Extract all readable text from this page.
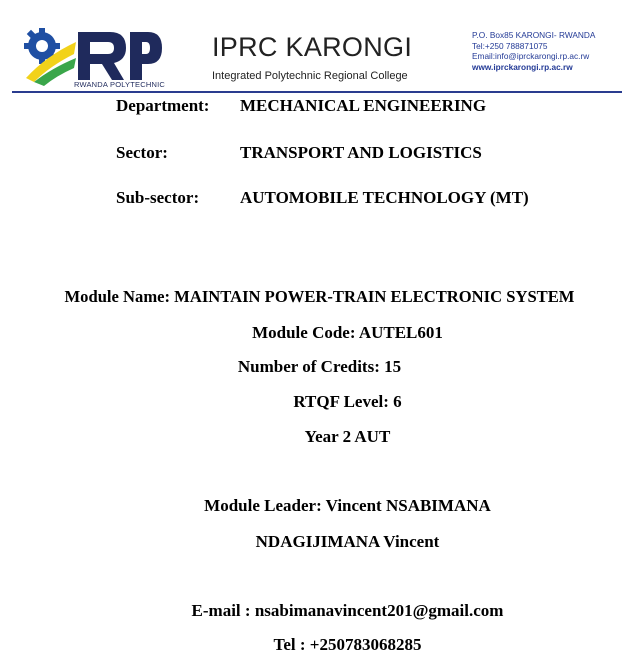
RWANDA POLYTECHNIC
IPRC KARONGI
Integrated Polytechnic Regional College
P.O. Box85 KARONGI- RWANDA
Tel:+250 788871075
Email:info@iprckarongi.rp.ac.rw
www.iprckarongi.rp.ac.rw
Department: MECHANICAL ENGINEERING
Sector:	TRANSPORT AND LOGISTICS
Sub-sector: AUTOMOBILE TECHNOLOGY (MT)
Module Name: MAINTAIN POWER-TRAIN ELECTRONIC SYSTEM
Module Code: AUTEL601
Number of Credits: 15
RTQF Level: 6
Year 2 AUT
Module Leader: Vincent NSABIMANA
NDAGIJIMANA Vincent
E-mail : nsabimanavincent201@gmail.com
Tel : +250783068285
